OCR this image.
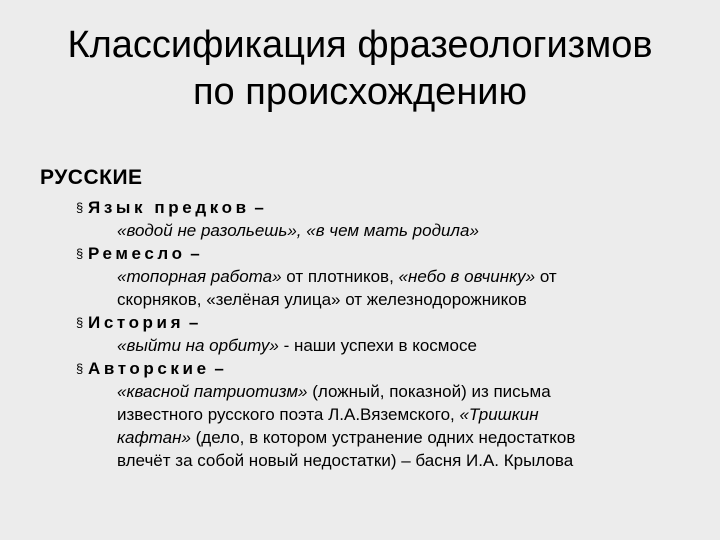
Классификация фразеологизмов
по происхождению
РУССКИЕ
§ Язык предков –
«водой не разольешь», «в чем мать родила»
§ Ремесло –
«топорная работа» от плотников, «небо в овчинку» от
скорняков, «зелёная улица» от железнодорожников
§ История –
«выйти на орбиту» - наши успехи в космосе
§ Авторские –
«квасной патриотизм» (ложный, показной) из письма
известного русского поэта Л.А.Вяземского, «Тришкин
кафтан» (дело, в котором устранение одних недостатков
влечёт за собой новый недостатки) – басня И.А. Крылова
